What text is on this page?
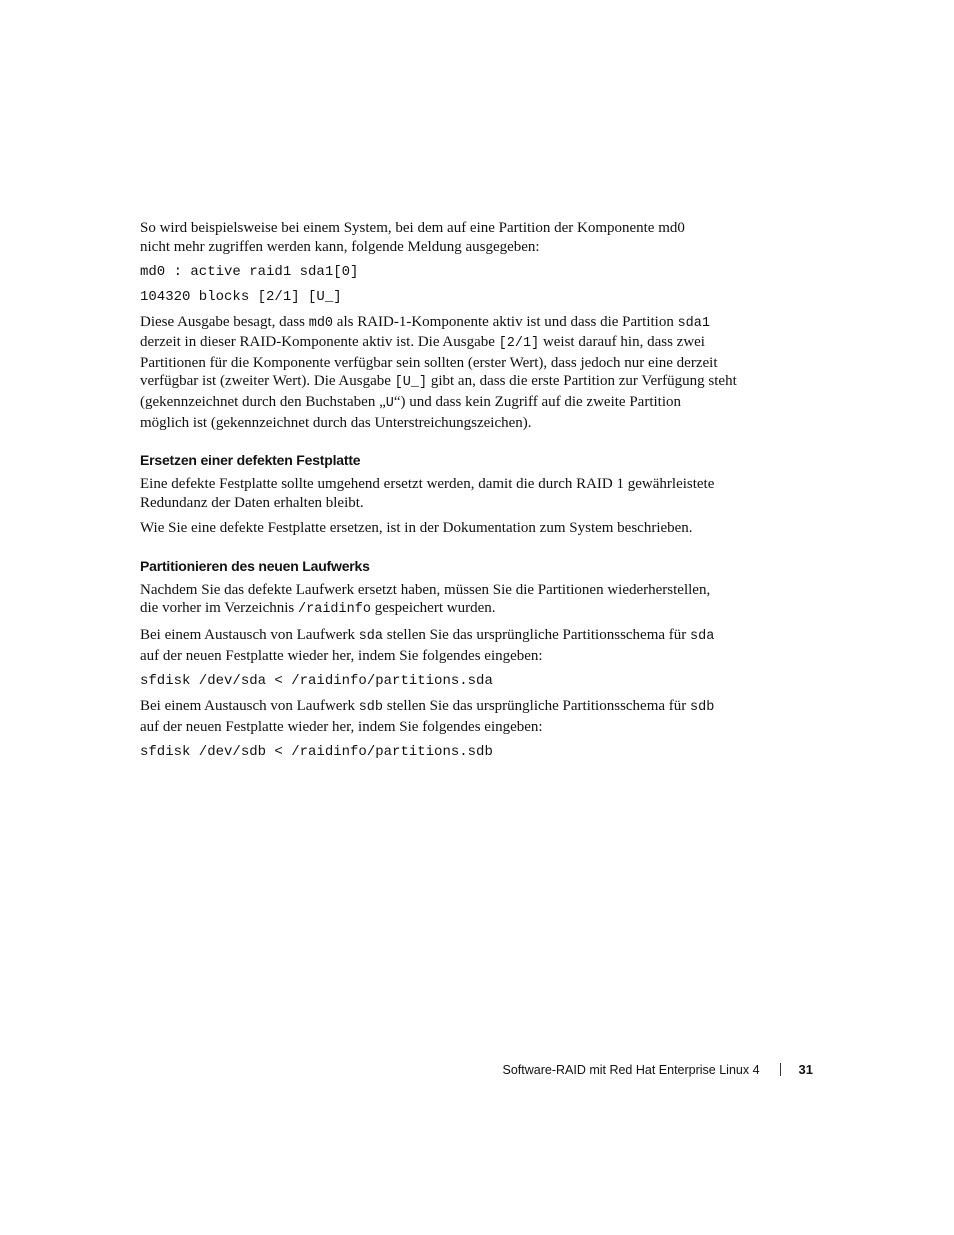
So wird beispielsweise bei einem System, bei dem auf eine Partition der Komponente md0
nicht mehr zugriffen werden kann, folgende Meldung ausgegeben:

md0 : active raid1 sda1[0]
104320 blocks [2/1] [U_]

Diese Ausgabe besagt, dass md0 als RAID-1-Komponente aktiv ist und dass die Partition sda1
derzeit in dieser RAID-Komponente aktiv ist. Die Ausgabe [2/1] weist darauf hin, dass zwei
Partitionen für die Komponente verfügbar sein sollten (erster Wert), dass jedoch nur eine derzeit
verfügbar ist (zweiter Wert). Die Ausgabe [U_] gibt an, dass die erste Partition zur Verfügung steht
(gekennzeichnet durch den Buchstaben „U“) und dass kein Zugriff auf die zweite Partition
möglich ist (gekennzeichnet durch das Unterstreichungszeichen).

Ersetzen einer defekten Festplatte

Eine defekte Festplatte sollte umgehend ersetzt werden, damit die durch RAID 1 gewährleistete
Redundanz der Daten erhalten bleibt.

Wie Sie eine defekte Festplatte ersetzen, ist in der Dokumentation zum System beschrieben.

Partitionieren des neuen Laufwerks

Nachdem Sie das defekte Laufwerk ersetzt haben, müssen Sie die Partitionen wiederherstellen,
die vorher im Verzeichnis /raidinfo gespeichert wurden.

Bei einem Austausch von Laufwerk sda stellen Sie das ursprüngliche Partitionsschema für sda
auf der neuen Festplatte wieder her, indem Sie folgendes eingeben:

sfdisk /dev/sda < /raidinfo/partitions.sda

Bei einem Austausch von Laufwerk sdb stellen Sie das ursprüngliche Partitionsschema für sdb
auf der neuen Festplatte wieder her, indem Sie folgendes eingeben:

sfdisk /dev/sdb < /raidinfo/partitions.sdb
Software-RAID mit Red Hat Enterprise Linux 4	31
